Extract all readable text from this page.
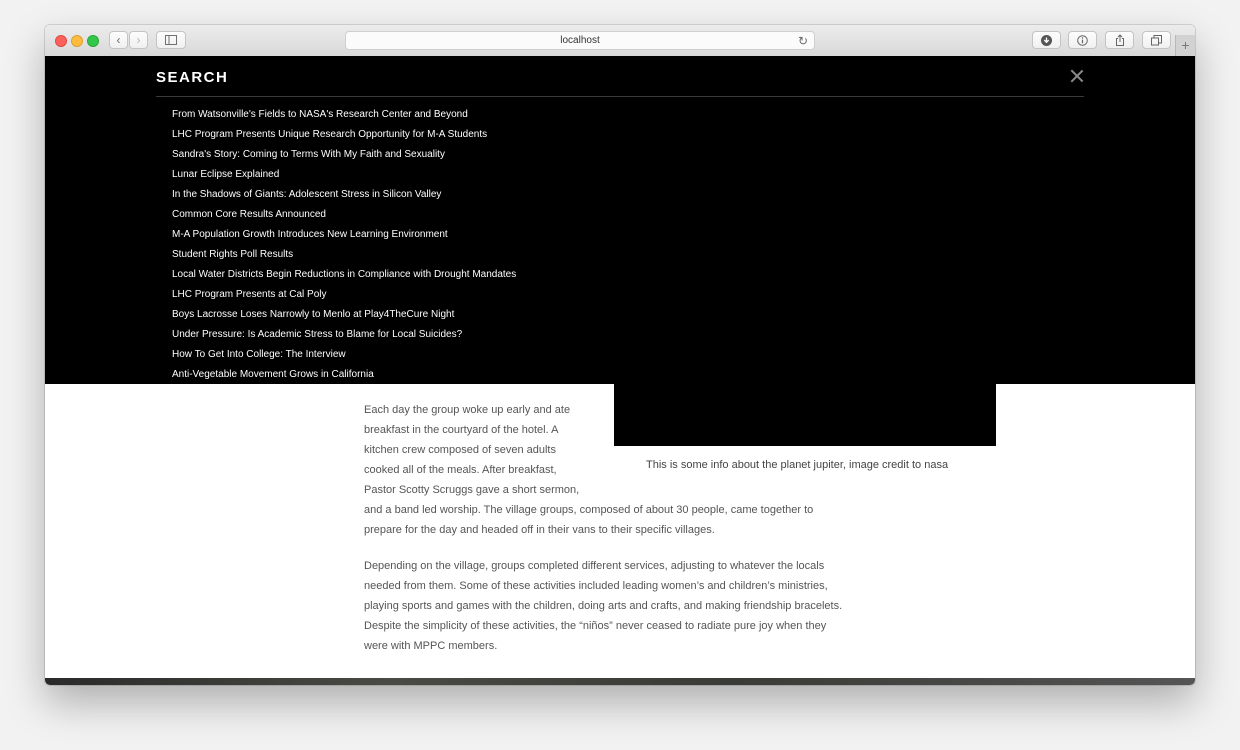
‹	›	localhost	↻	+
SEARCH
From Watsonville's Fields to NASA's Research Center and Beyond
LHC Program Presents Unique Research Opportunity for M-A Students
Sandra's Story: Coming to Terms With My Faith and Sexuality
Lunar Eclipse Explained
In the Shadows of Giants: Adolescent Stress in Silicon Valley
Common Core Results Announced
M-A Population Growth Introduces New Learning Environment
Student Rights Poll Results
Local Water Districts Begin Reductions in Compliance with Drought Mandates
LHC Program Presents at Cal Poly
Boys Lacrosse Loses Narrowly to Menlo at Play4TheCure Night
Under Pressure: Is Academic Stress to Blame for Local Suicides?
How To Get Into College: The Interview
Anti-Vegetable Movement Grows in California
This is some info about the planet jupiter, image credit to nasa
Each day the group woke up early and ate
breakfast in the courtyard of the hotel. A
kitchen crew composed of seven adults
cooked all of the meals. After breakfast,
Pastor Scotty Scruggs gave a short sermon,
and a band led worship. The village groups, composed of about 30 people, came together to
prepare for the day and headed off in their vans to their specific villages.
Depending on the village, groups completed different services, adjusting to whatever the locals
needed from them. Some of these activities included leading women’s and children’s ministries,
playing sports and games with the children, doing arts and crafts, and making friendship bracelets.
Despite the simplicity of these activities, the “niños” never ceased to radiate pure joy when they
were with MPPC members.
